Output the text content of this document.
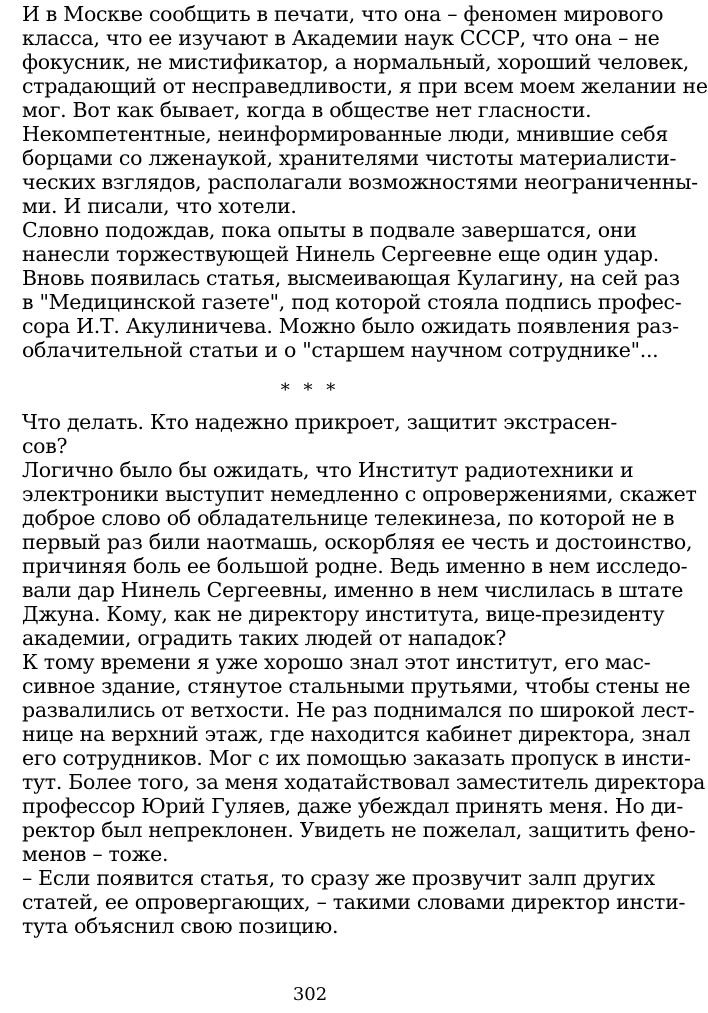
И в Москве сообщить в печати, что она – феномен мирового
класса, что ее изучают в Академии наук СССР, что она – не
фокусник, не мистификатор, а нормальный, хороший человек,
страдающий от несправедливости, я при всем моем желании не
мог. Вот как бывает, когда в обществе нет гласности.
Некомпетентные, неинформированные люди, мнившие себя
борцами со лженаукой, хранителями чистоты материалисти-
ческих взглядов, располагали возможностями неограниченны-
ми. И писали, что хотели.
Словно подождав, пока опыты в подвале завершатся, они
нанесли торжествующей Нинель Сергеевне еще один удар.
Вновь появилась статья, высмеивающая Кулагину, на сей раз
в "Медицинской газете", под которой стояла подпись профес-
сора И.Т. Акулиничева. Можно было ожидать появления раз-
облачительной статьи и о "старшем научном сотруднике"...
* * *
Что делать. Кто надежно прикроет, защитит экстрасен-
сов?
Логично было бы ожидать, что Институт радиотехники и
электроники выступит немедленно с опровержениями, скажет
доброе слово об обладательнице телекинеза, по которой не в
первый раз били наотмашь, оскорбляя ее честь и достоинство,
причиняя боль ее большой родне. Ведь именно в нем исследо-
вали дар Нинель Сергеевны, именно в нем числилась в штате
Джуна. Кому, как не директору института, вице-президенту
академии, оградить таких людей от нападок?
К тому времени я уже хорошо знал этот институт, его мас-
сивное здание, стянутое стальными прутьями, чтобы стены не
развалились от ветхости. Не раз поднимался по широкой лест-
нице на верхний этаж, где находится кабинет директора, знал
его сотрудников. Мог с их помощью заказать пропуск в инсти-
тут. Более того, за меня ходатайствовал заместитель директора
профессор Юрий Гуляев, даже убеждал принять меня. Но ди-
ректор был непреклонен. Увидеть не пожелал, защитить фено-
менов – тоже.
– Если появится статья, то сразу же прозвучит залп других
статей, ее опровергающих, – такими словами директор инсти-
тута объяснил свою позицию.
302
